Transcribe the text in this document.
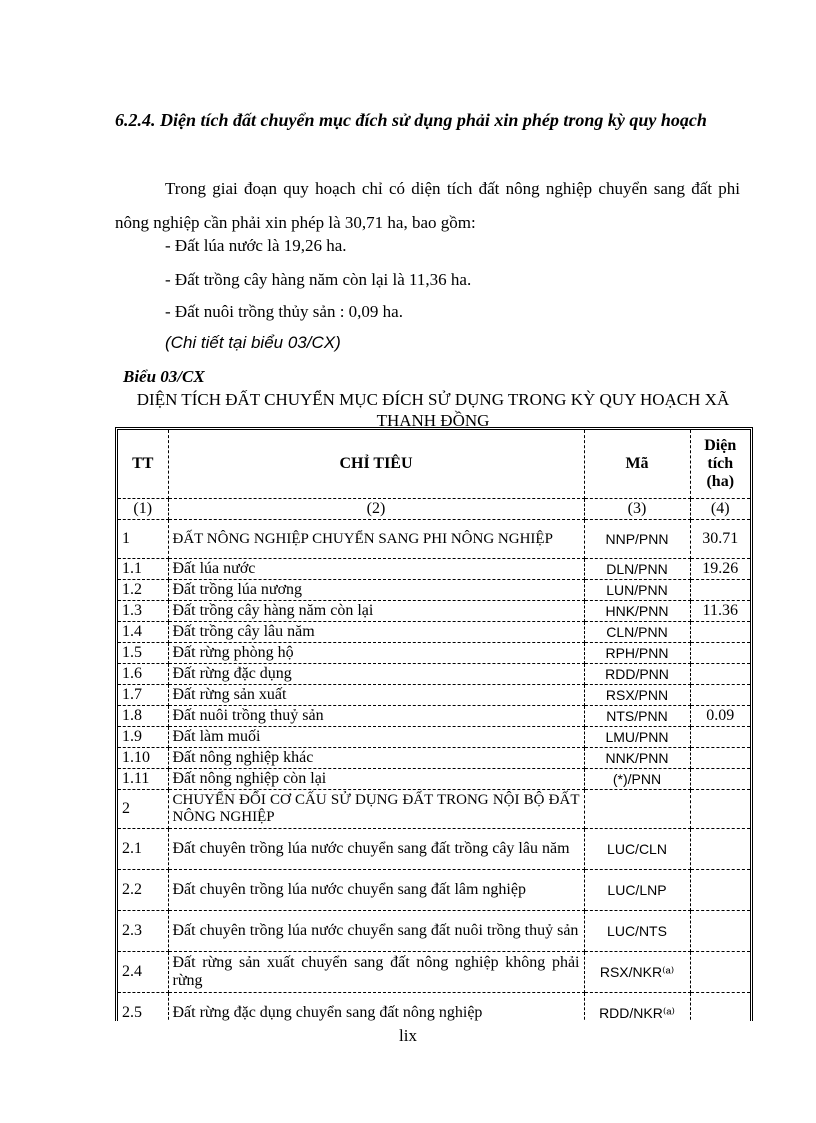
6.2.4. Diện tích đất chuyển mục đích sử dụng phải xin phép trong kỳ quy hoạch

Trong giai đoạn quy hoạch chỉ có diện tích đất nông nghiệp chuyển sang đất phi nông nghiệp cần phải xin phép là 30,71 ha, bao gồm:

- Đất lúa nước là 19,26 ha.

- Đất trồng cây hàng năm còn lại là 11,36 ha.

- Đất nuôi trồng thủy sản : 0,09 ha.

(Chi tiết tại biểu 03/CX)

Biểu 03/CX

DIỆN TÍCH ĐẤT CHUYỂN MỤC ĐÍCH SỬ DỤNG TRONG KỲ QUY HOẠCH XÃ THANH ĐỒNG

TT	CHỈ TIÊU	Mã	Diện tích (ha)
(1)	(2)	(3)	(4)
1	ĐẤT NÔNG NGHIỆP CHUYỂN SANG PHI NÔNG NGHIỆP	NNP/PNN	30.71
1.1	Đất lúa nước	DLN/PNN	19.26
1.2	Đất trồng lúa nương	LUN/PNN	
1.3	Đất trồng cây hàng năm còn lại	HNK/PNN	11.36
1.4	Đất trồng cây lâu năm	CLN/PNN	
1.5	Đất rừng phòng hộ	RPH/PNN	
1.6	Đất rừng đặc dụng	RDD/PNN	
1.7	Đất rừng sản xuất	RSX/PNN	
1.8	Đất nuôi trồng thuỷ sản	NTS/PNN	0.09
1.9	Đất làm muối	LMU/PNN	
1.10	Đất nông nghiệp khác	NNK/PNN	
1.11	Đất nông nghiệp còn lại	(*)/PNN	
2	CHUYỂN ĐỔI CƠ CẤU SỬ DỤNG ĐẤT TRONG NỘI BỘ ĐẤT NÔNG NGHIỆP		
2.1	Đất chuyên trồng lúa nước chuyển sang đất trồng cây lâu năm	LUC/CLN	
2.2	Đất chuyên trồng lúa nước chuyển sang đất lâm nghiệp	LUC/LNP	
2.3	Đất chuyên trồng lúa nước chuyển sang đất nuôi trồng thuỷ sản	LUC/NTS	
2.4	Đất rừng sản xuất chuyển sang đất nông nghiệp không phải rừng	RSX/NKR⁽ᵃ⁾	
2.5	Đất rừng đặc dụng chuyển sang đất nông nghiệp	RDD/NKR⁽ᵃ⁾	

lix
